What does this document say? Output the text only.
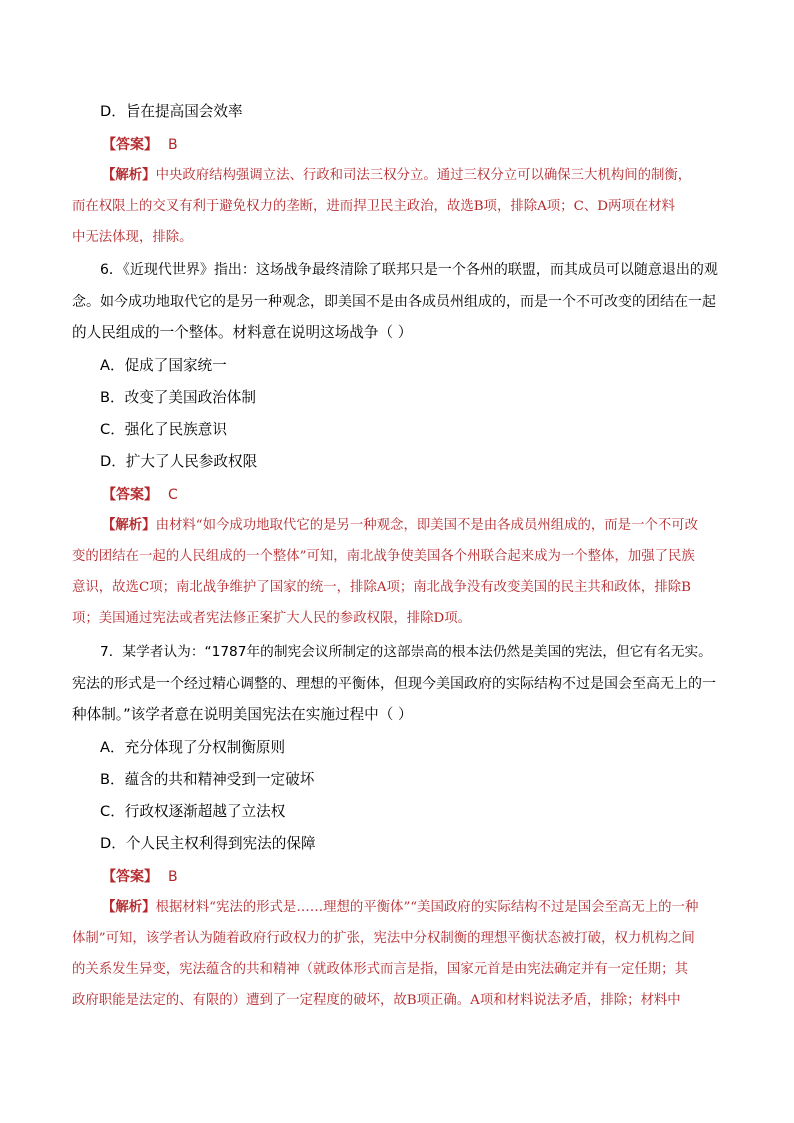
D．旨在提高国会效率
【答案】 B
【解析】中央政府结构强调立法、行政和司法三权分立。通过三权分立可以确保三大机构间的制衡，
而在权限上的交叉有利于避免权力的垄断，进而捍卫民主政治，故选B项，排除A项；C、D两项在材料
中无法体现，排除。
6．《近现代世界》指出：这场战争最终清除了联邦只是一个各州的联盟，而其成员可以随意退出的观
念。如今成功地取代它的是另一种观念，即美国不是由各成员州组成的，而是一个不可改变的团结在一起
的人民组成的一个整体。材料意在说明这场战争（ ）
A．促成了国家统一
B．改变了美国政治体制
C．强化了民族意识
D．扩大了人民参政权限
【答案】 C
【解析】由材料“如今成功地取代它的是另一种观念，即美国不是由各成员州组成的，而是一个不可改
变的团结在一起的人民组成的一个整体”可知，南北战争使美国各个州联合起来成为一个整体，加强了民族
意识，故选C项；南北战争维护了国家的统一，排除A项；南北战争没有改变美国的民主共和政体，排除B
项；美国通过宪法或者宪法修正案扩大人民的参政权限，排除D项。
7．某学者认为：“1787年的制宪会议所制定的这部崇高的根本法仍然是美国的宪法，但它有名无实。
宪法的形式是一个经过精心调整的、理想的平衡体，但现今美国政府的实际结构不过是国会至高无上的一
种体制。”该学者意在说明美国宪法在实施过程中（ ）
A．充分体现了分权制衡原则
B．蕴含的共和精神受到一定破坏
C．行政权逐渐超越了立法权
D．个人民主权利得到宪法的保障
【答案】 B
【解析】根据材料“宪法的形式是……理想的平衡体”“美国政府的实际结构不过是国会至高无上的一种
体制”可知，该学者认为随着政府行政权力的扩张，宪法中分权制衡的理想平衡状态被打破，权力机构之间
的关系发生异变，宪法蕴含的共和精神（就政体形式而言是指，国家元首是由宪法确定并有一定任期；其
政府职能是法定的、有限的）遭到了一定程度的破坏，故B项正确。A项和材料说法矛盾，排除；材料中
